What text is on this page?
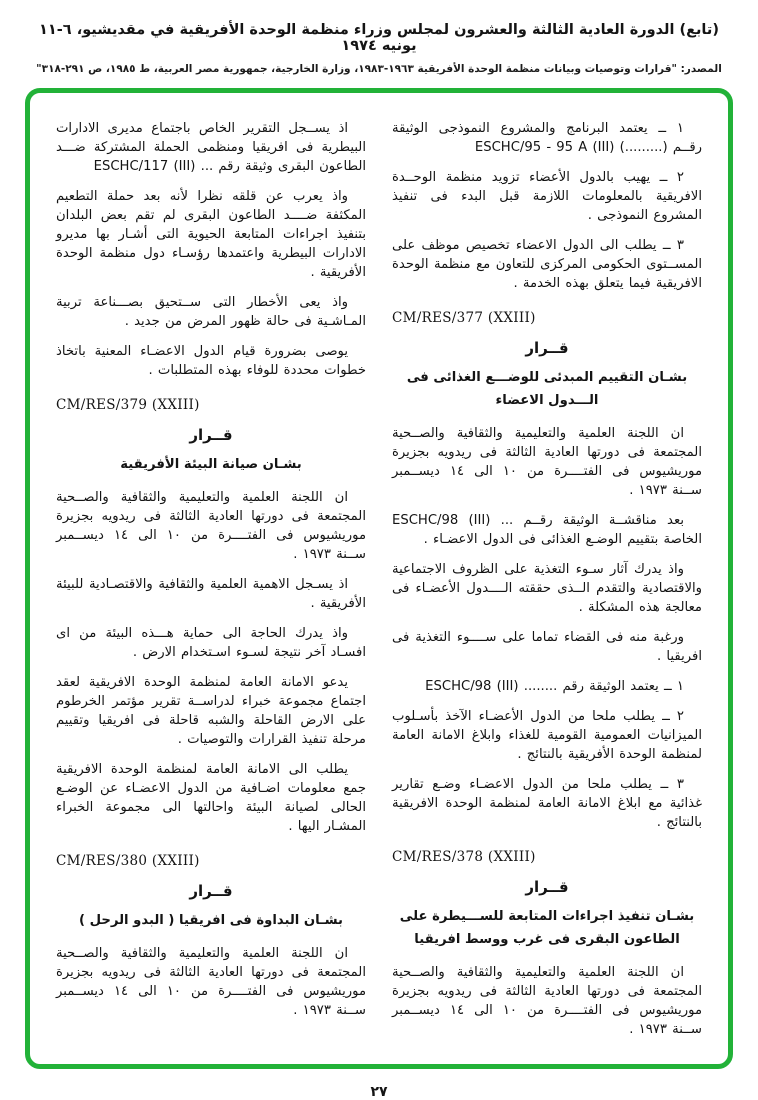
(تابع) الدورة العادية الثالثة والعشرون لمجلس وزراء منظمة الوحدة الأفريقية في مقديشيو، ٦-١١ يونيه ١٩٧٤
المصدر: "قرارات وتوصيات وبيانات منظمة الوحدة الأفريقية ١٩٦٣-١٩٨٣، وزارة الخارجية، جمهورية مصر العربية، ط ١٩٨٥، ص ٢٩١-٣١٨"
١ ــ يعتمد البرنامج والمشروع النموذجى الوثيقة رقــم (.........) ESCHC/95 - 95 A (III)
٢ ــ يهيب بالدول الأعضاء تزويد منظمة الوحــدة الافريقية بالمعلومات اللازمة قبل البدء فى تنفيذ المشروع النموذجى .
٣ ــ يطلب الى الدول الاعضاء تخصيص موظف على المســتوى الحكومى المركزى للتعاون مع منظمة الوحدة الافريقية فيما يتعلق بهذه الخدمة .
CM/RES/377 (XXIII)
قــرار
بشـان التقييم المبدئى للوضـــع الغذائى فى الـــدول الاعضاء
ان اللجنة العلمية والتعليمية والثقافية والصــحية المجتمعة فى دورتها العادية الثالثة فى ريدويه بجزيرة موريشيوس فى الفتــــرة من ١٠ الى ١٤ ديســمبر ســنة ١٩٧٣ .
بعد مناقشــة الوثيقة رقــم ... ESCHC/98 (III) الخاصة بتقييم الوضـع الغذائى فى الدول الاعضـاء .
واذ يدرك آثار سـوء التغذية على الظروف الاجتماعية والاقتصادية والتقدم الــذى حققته الــــدول الأعضـاء فى معالجة هذه المشكلة .
ورغبة منه فى القضاء تماما على ســــوء التغذية فى افريقيا .
١ ــ يعتمد الوثيقة رقم ........ ESCHC/98 (III)
٢ ــ يطلب ملحا من الدول الأعضـاء الآخذ بأسـلوب الميزانيات العمومية القومية للغذاء وابلاغ الامانة العامة لمنظمة الوحدة الأفريقية بالنتائج .
٣ ــ يطلب ملحا من الدول الاعضـاء وضـع تقارير غذائية مع ابلاغ الامانة العامة لمنظمة الوحدة الافريقية بالنتائج .
CM/RES/378 (XXIII)
قــرار
بشـان تنفيذ اجراءات المتابعة للســـيطرة على الطاعون البقرى فى غرب ووسط افريقيا
ان اللجنة العلمية والتعليمية والثقافية والصــحية المجتمعة فى دورتها العادية الثالثة فى ريدويه بجزيرة موريشيوس فى الفتــــرة من ١٠ الى ١٤ ديســمبر ســنة ١٩٧٣ .
اذ يســجل التقرير الخاص باجتماع مديرى الادارات البيطرية فى افريقيا ومنظمى الحملة المشتركة ضـــد الطاعون البقرى وثيقة رقم ... ESCHC/117 (III)
واذ يعرب عن قلقه نظرا لأنه بعد حملة التطعيم المكثفة ضــــد الطاعون البقرى لم تقم بعض البلدان بتنفيذ اجراءات المتابعة الحيوية التى أشـار بها مديرو الادارات البيطرية واعتمدها رؤسـاء دول منظمة الوحدة الأفريقية .
واذ يعى الأخطار التى ســتحيق بصـــناعة تربية المـاشـية فى حالة ظهور المرض من جديد .
يوصى بضرورة قيام الدول الاعضـاء المعنية باتخاذ خطوات محددة للوفاء بهذه المتطلبات .
CM/RES/379 (XXIII)
قــرار
بشـان صيانة البيئة الأفريقية
ان اللجنة العلمية والتعليمية والثقافية والصــحية المجتمعة فى دورتها العادية الثالثة فى ريدويه بجزيرة موريشيوس فى الفتــــرة من ١٠ الى ١٤ ديســمبر ســنة ١٩٧٣ .
اذ يسـجل الاهمية العلمية والثقافية والاقتصـادية للبيئة الأفريقية .
واذ يدرك الحاجة الى حماية هـــذه البيئة من اى افسـاد آخر نتيجة لسـوء اسـتخدام الارض .
يدعو الامانة العامة لمنظمة الوحدة الافريقية لعقد اجتماع مجموعة خبراء لدراســة تقرير مؤتمر الخرطوم على الارض القاحلة والشبه قاحلة فى افريقيا وتقييم مرحلة تنفيذ القرارات والتوصيات .
يطلب الى الامانة العامة لمنظمة الوحدة الافريقية جمع معلومات اضـافية من الدول الاعضـاء عن الوضـع الحالى لصيانة البيئة واحالتها الى مجموعة الخبراء المشـار اليها .
CM/RES/380 (XXIII)
قــرار
بشـان البداوة فى افريقيا ( البدو الرحل )
ان اللجنة العلمية والتعليمية والثقافية والصــحية المجتمعة فى دورتها العادية الثالثة فى ريدويه بجزيرة موريشيوس فى الفتــــرة من ١٠ الى ١٤ ديســمبر ســنة ١٩٧٣ .
٢٧
